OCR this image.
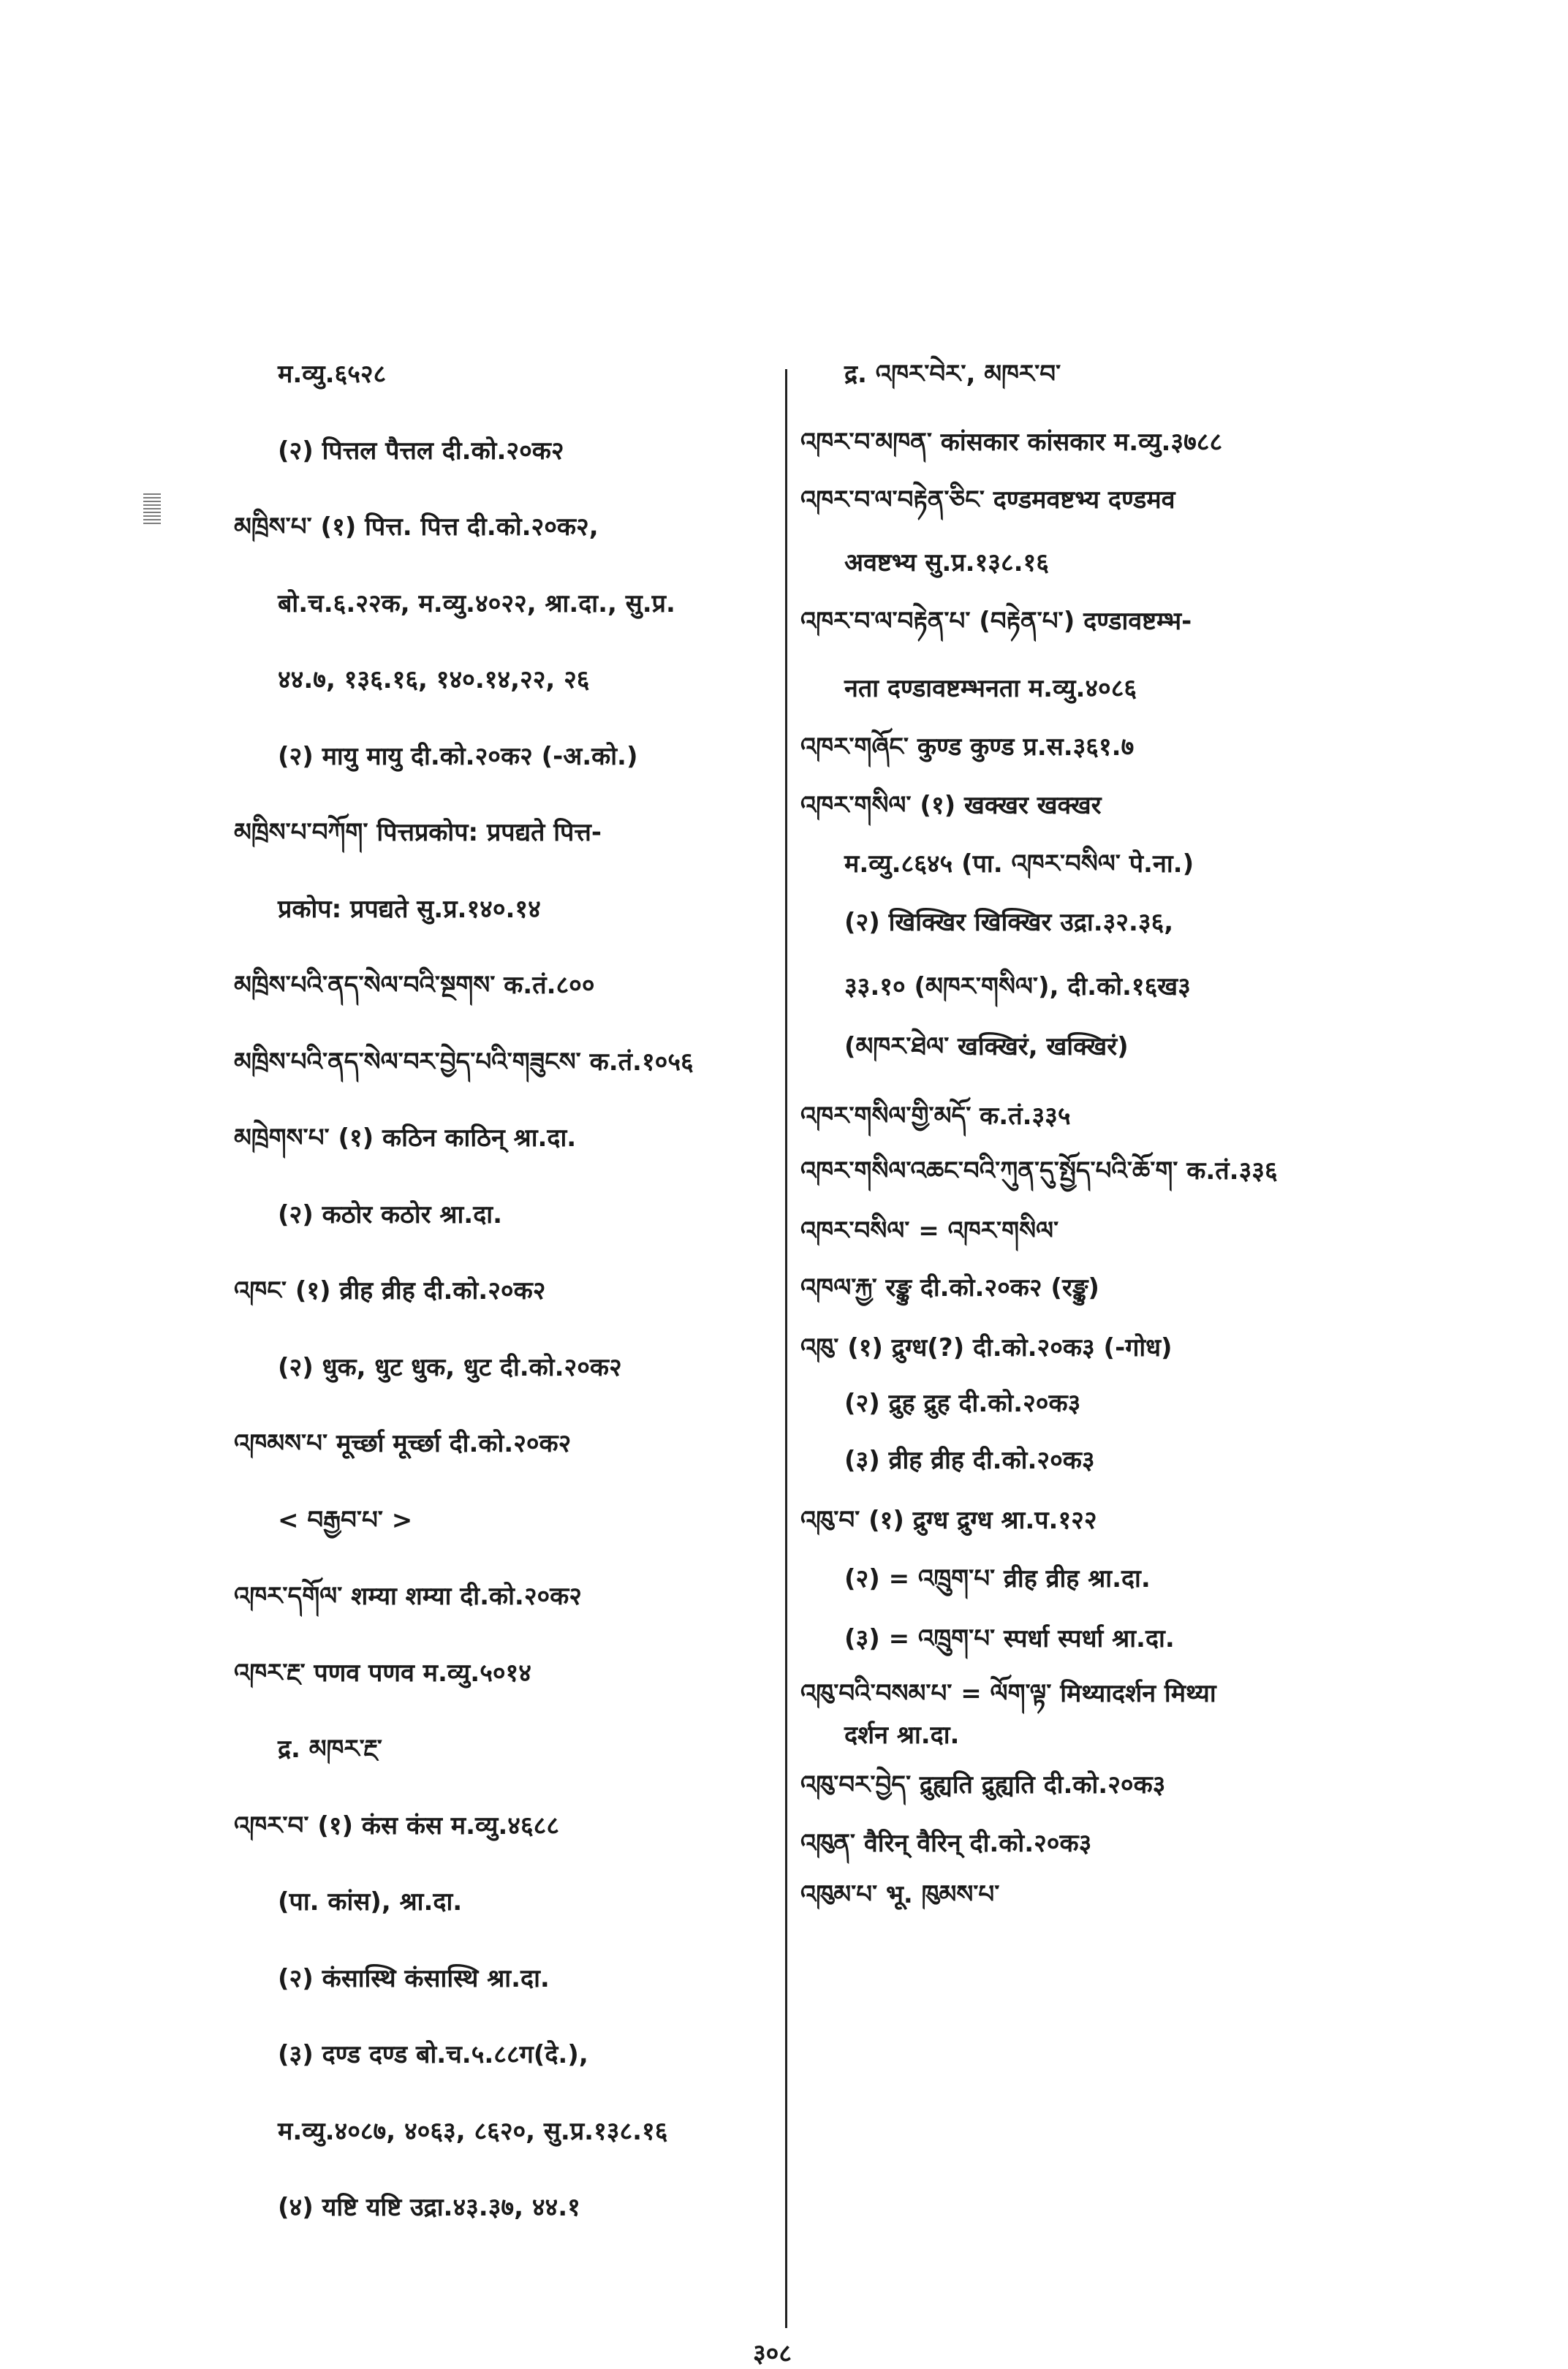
म.व्यु.६५२८
(२) पित्तल पैत्तल दी.को.२०क२
མཁྲིས་པ་ (१) पित्त. पित्त दी.को.२०क२,
बो.च.६.२२क, म.व्यु.४०२२, श्रा.दा., सु.प्र.
४४.७, १३६.१६, १४०.१४,२२, २६
(२) मायु मायु दी.को.२०क२ (-अ.को.)
མཁྲིས་པ་བཀོག་ पित्तप्रकोप: प्रपद्यते पित्त-
प्रकोप: प्रपद्यते सु.प्र.१४०.१४
མཁྲིས་པའི་ནད་སེལ་བའི་སྔགས་ क.तं.८००
མཁྲིས་པའི་ནད་སེལ་བར་བྱེད་པའི་གཟུངས་ क.तं.१०५६
མཁྲེགས་པ་ (१) कठिन काठिन् श्रा.दा.
(२) कठोर कठोर श्रा.दा.
འཁང་ (१) व्रीह व्रीह दी.को.२०क२
(२) धुक, धुट धुक, धुट दी.को.२०क२
འཁམས་པ་ मूर्च्छा मूर्च्छा दी.को.२०क२
< བརྒྱབ་པ་ >
འཁར་དགོལ་ शम्या शम्या दी.को.२०क२
འཁར་རྔ་ पणव पणव म.व्यु.५०१४
द्र. མཁར་རྔ་
འཁར་བ་ (१) कंस कंस म.व्यु.४६८८
(पा. कांस), श्रा.दा.
(२) कंसास्थि कंसास्थि श्रा.दा.
(३) दण्ड दण्ड बो.च.५.८८ग(दे.),
म.व्यु.४०८७, ४०६३, ८६२०, सु.प्र.१३८.१६
(४) यष्टि यष्टि उद्रा.४३.३७, ४४.१
द्र. འཁར་བེར་, མཁར་བ་
འཁར་བ་མཁན་ कांसकार कांसकार म.व्यु.३७८८
འཁར་བ་ལ་བརྟེན་ཅིང་ दण्डमवष्टभ्य दण्डमव
अवष्टभ्य सु.प्र.१३८.१६
འཁར་བ་ལ་བརྟེན་པ་ (བརྟེན་པ་) दण्डावष्टम्भ-
नता दण्डावष्टम्भनता म.व्यु.४०८६
འཁར་གཞོང་ कुण्ड कुण्ड प्र.स.३६१.७
འཁར་གསིལ་ (१) खक्खर खक्खर
म.व्यु.८६४५ (पा. འཁར་བསིལ་ पे.ना.)
(२) खिक्खिर खिक्खिर उद्रा.३२.३६,
३३.१० (མཁར་གསིལ་), दी.को.१६ख३
(མཁར་ཐེལ་ खक्खिरं, खक्खिरं)
འཁར་གསིལ་གྱི་མདོ་ क.तं.३३५
འཁར་གསིལ་འཆང་བའི་ཀུན་དུ་སྤྱོད་པའི་ཆོ་ག་ क.तं.३३६
འཁར་བསིལ་ = འཁར་གསིལ་
འཁལ་རྐྱ་ रङ्कु दी.को.२०क२ (रङ्कु)
འཁུ་ (१) द्रुग्ध(?) दी.को.२०क३ (-गोध)
(२) द्रुह द्रुह दी.को.२०क३
(३) व्रीह व्रीह दी.को.२०क३
འཁུ་བ་ (१) द्रुग्ध द्रुग्ध श्रा.प.१२२
(२) = འཁྲུག་པ་ व्रीह व्रीह श्रा.दा.
(३) = འཁྲུག་པ་ स्पर्धा स्पर्धा श्रा.दा.
འཁུ་བའི་བསམ་པ་ = ལོག་ལྟ་ मिथ्यादर्शन मिथ्या
दर्शन श्रा.दा.
འཁུ་བར་བྱེད་ द्रुह्यति द्रुह्यति दी.को.२०क३
འཁུན་ वैरिन् वैरिन् दी.को.२०क३
འཁུམ་པ་ भू. ཁུམས་པ་
३०८
